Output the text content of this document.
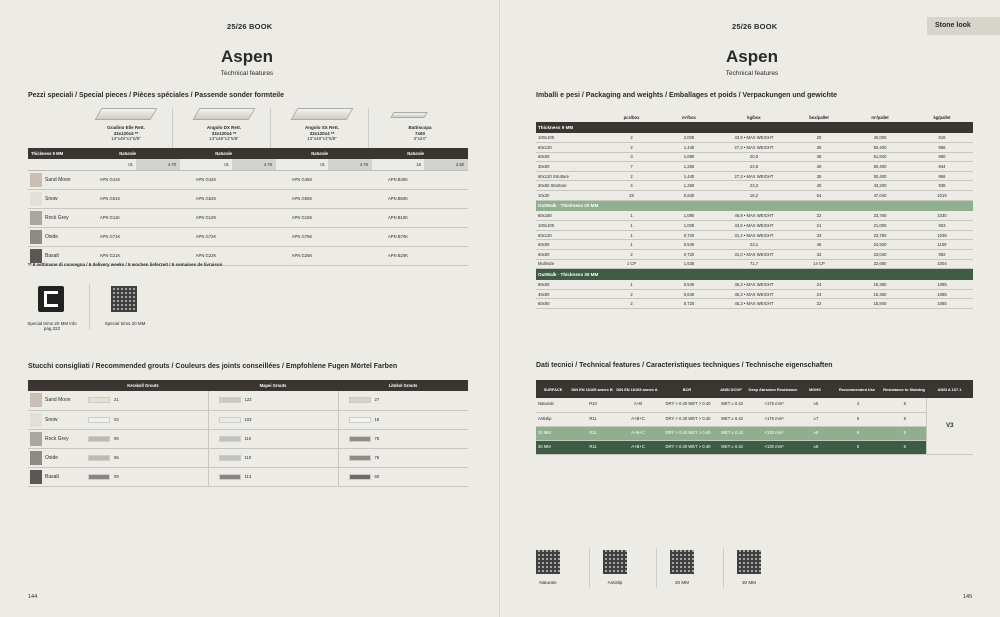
25/26 BOOK
Aspen
Technical features
Pezzi speciali / Special pieces / Pièces spéciales / Passende sonder formteile
Gradino Elle Rett.
33x120x4 **
13"x48"x1"5/8"
Angolo DX Rett.
33x120x4 **
13"x48"x1"5/8"
Angolo SX Rett.
33x120x4 **
13"x48"x1"5/8"
Battiscopa
7x60
3"x24"
Thickness 9 MM	Naturale		Naturale		Naturale		Naturale	
	01	4.70	01	4.76	01	4.76	16	2.50
Sand Moon	APN G41K		APN G42K		APN G45K		APN B40K	
Snow	APN G51K		APN G52K		APN G55K		APN B50K	
Rock Grey	APN G11K		APN G12K		APN G15K		APN B10K	
Oxide	APN G71K		APN G72K		APN G75K		APN B70K	
Basalt	APN G21K		APN G22K		APN G25K		APN B20K	
** 6 settimane di consegna / 6 delivery weeks / 6 wochen lieferzeit / 6 semaines de livraison
Special trims 20 MM info pag.322
Special trims 20 MM
Stucchi consigliati / Recommended grouts / Couleurs des joints conseillées / Empfohlene Fugen Mörtel Farben
	Kerakoll Grouts	Mapei Grouts	Litokol Grouts
Sand Moon	21	123	27
Snow	03	103	18
Rock Grey	06	110	78
Oxide	06	110	78
Basalt	09	113	60
144
25/26 BOOK	Stone look
Aspen
Technical features
Imballi e pesi / Packaging and weights / Emballages et poids / Verpackungen und gewichte
	pcs/box	m²/box	kg/box	box/pallet	m²/pallet	kg/pallet
Thickness 9 MM						
100x100	2	2,000	43,9 • MAX WEIGHT	20	40,000	818
60x120	2	1,440	27,3 • MAX WEIGHT	35	50,400	956
60x60	3	1,080	20,0	46	51,840	960
30x60	7	1,260	23,6	40	50,400	944
60x120 Strutture	2	1,440	27,3 • MAX WEIGHT	35	50,400	956
30x60 Strutture	4	1,260	23,3	40	43,200	938
10x30	28	0,840	18,2	54	47,040	1019
OutWalk · Thickness 20 MM						
60x180	1	1,080	46,8 • MAX WEIGHT	22	23,760	1030
100x100	1	1,000	43,6 • MAX WEIGHT	21	21,000	903
60x120	1	0,720	31,4 • MAX WEIGHT	33	23,760	1036
60x90	1	0,540	23,1	46	24,920	1109
60x60	2	0,720	31,0 • MAX WEIGHT	32	23,040	992
Multisize	1 CP	1,638	71,7	14 CP	22,680	1004
OutWalk · Thickness 30 MM						
90x60	1	0,540	45,3 • MAX WEIGHT	24	15,360	1085
45x90	2	0,640	45,3 • MAX WEIGHT	24	15,360	1085
60x60	2	0,720	45,3 • MAX WEIGHT	22	15,840	1085
Dati tecnici / Technical features / Caracteristiques techniques / Technische eigenschaften
SURFACE	DIN EN 16165 annex B	DIN EN 16165 annex A	BCR	ANSI DCOF	Deep Abrasion Resistance	MOHS	Recommended Use	Resistance to Staining	ANSI A 137.1
Naturale	R10	A+B	DRY > 0.40 WET > 0.40	WET ≥ 0.42	<175 mm³	≥5	4	5	V3
Antislip	R11	A+B+C	DRY > 0.40 WET > 0.40	WET ≥ 0.42	<175 mm³	≥7	5	5	
20 MM	R11	A+B+C	DRY > 0.40 WET > 0.40	WET ≥ 0.42	<130 mm³	≥8	5	5	
30 MM	R11	A+B+C	DRY > 0.40 WET > 0.40	WET ≥ 0.42	<130 mm³	≥8	5	5	
Naturale	Antislip	20 MM	30 MM
145
